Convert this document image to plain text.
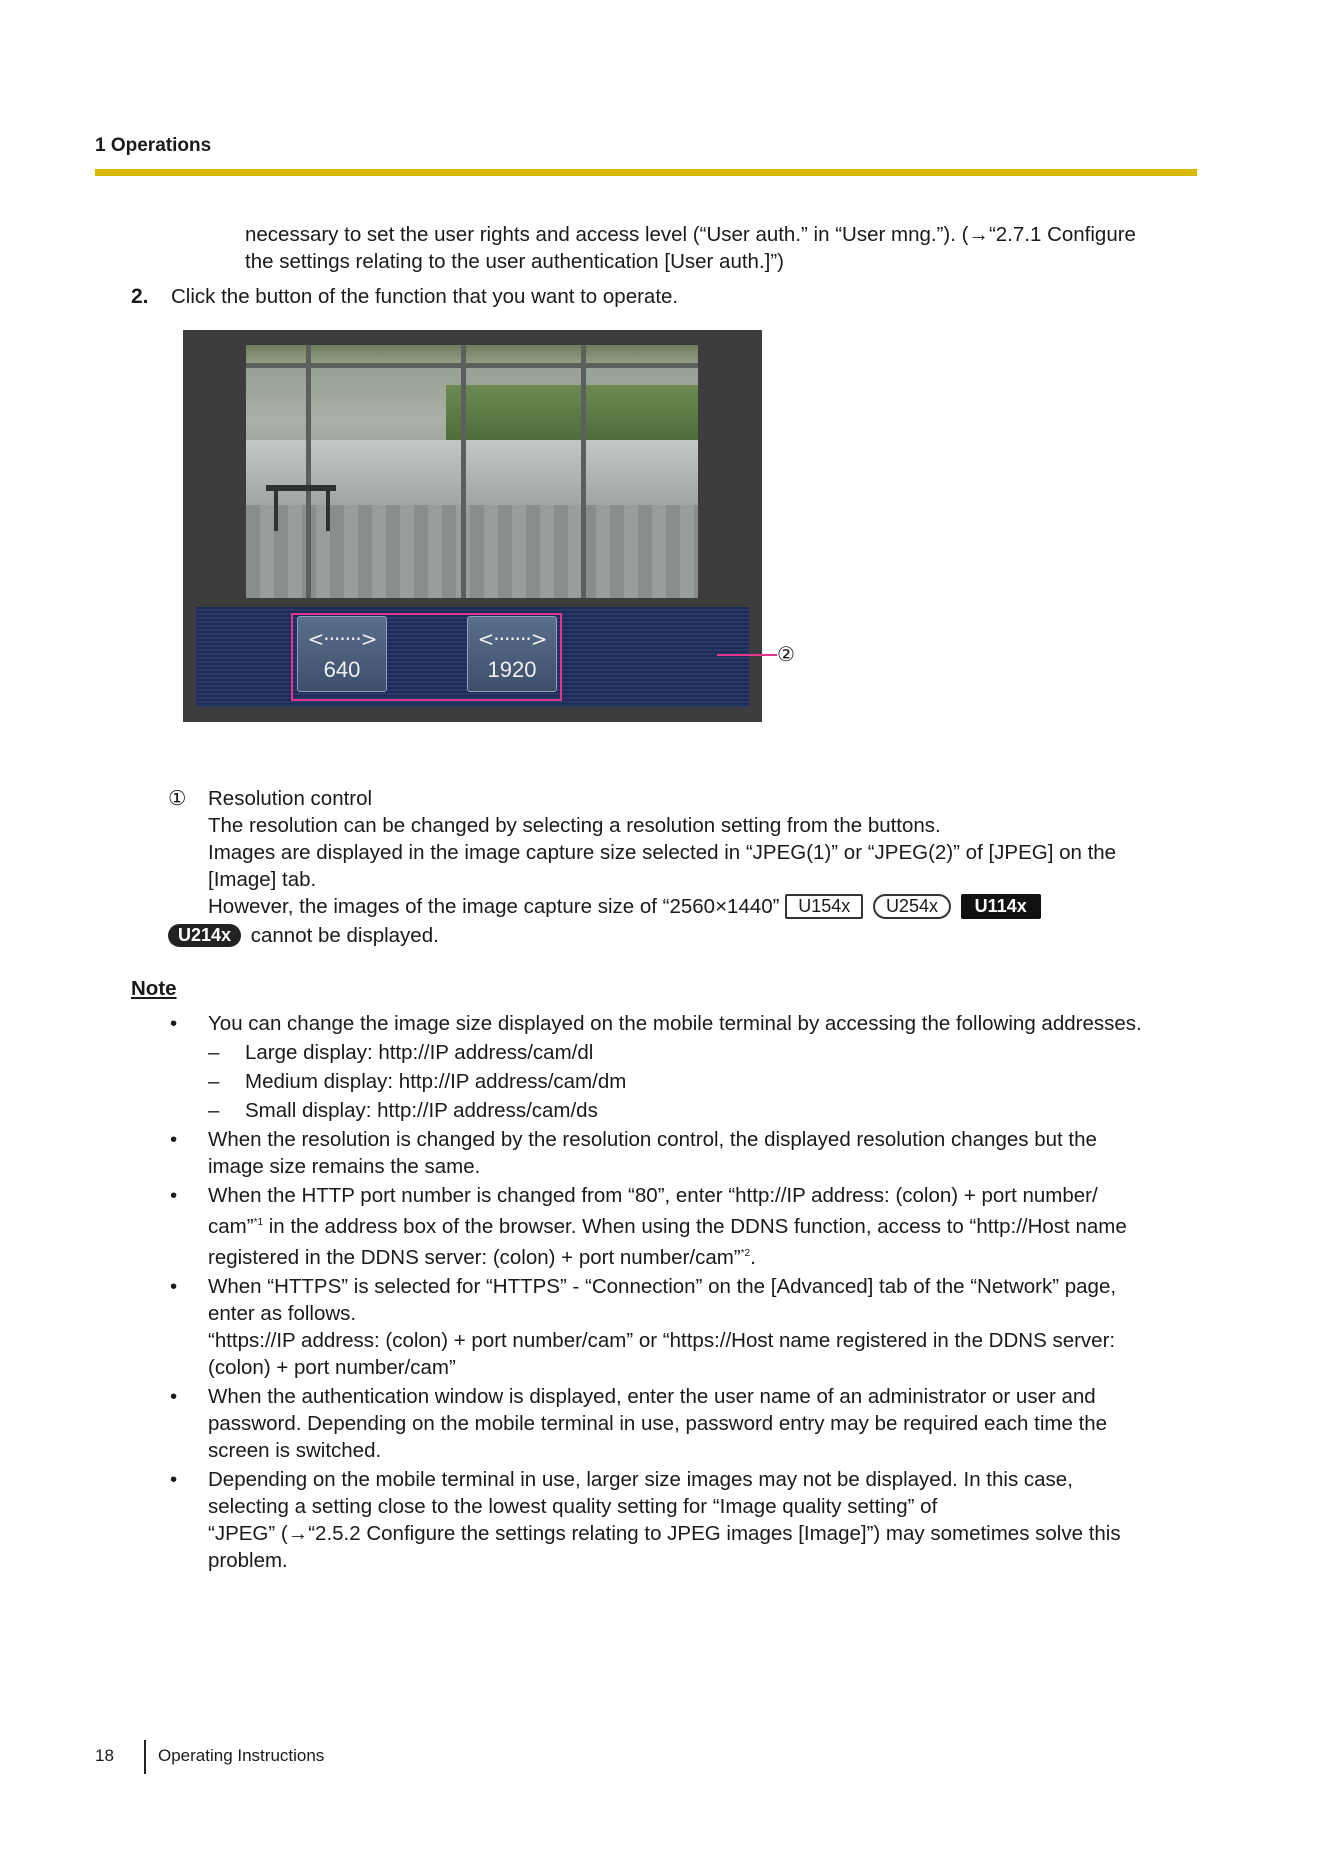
1 Operations
necessary to set the user rights and access level (“User auth.” in “User mng.”). (→“2.7.1 Configure
the settings relating to the user authentication [User auth.]”)
2. Click the button of the function that you want to operate.
<·······>
640
<·······>
1920
②
① Resolution control
The resolution can be changed by selecting a resolution setting from the buttons.
Images are displayed in the image capture size selected in “JPEG(1)” or “JPEG(2)” of [JPEG] on the
[Image] tab.
However, the images of the image capture size of “2560×1440” U154x U254x U114x
U214x cannot be displayed.
Note
• You can change the image size displayed on the mobile terminal by accessing the following addresses.
– Large display: http://IP address/cam/dl
– Medium display: http://IP address/cam/dm
– Small display: http://IP address/cam/ds
• When the resolution is changed by the resolution control, the displayed resolution changes but the
image size remains the same.
• When the HTTP port number is changed from “80”, enter “http://IP address: (colon) + port number/
cam”$^{*1}$ in the address box of the browser. When using the DDNS function, access to “http://Host name
registered in the DDNS server: (colon) + port number/cam”$^{*2}$.
• When “HTTPS” is selected for “HTTPS” - “Connection” on the [Advanced] tab of the “Network” page,
enter as follows.
“https://IP address: (colon) + port number/cam” or “https://Host name registered in the DDNS server:
(colon) + port number/cam”
• When the authentication window is displayed, enter the user name of an administrator or user and
password. Depending on the mobile terminal in use, password entry may be required each time the
screen is switched.
• Depending on the mobile terminal in use, larger size images may not be displayed. In this case,
selecting a setting close to the lowest quality setting for “Image quality setting” of
“JPEG” (→“2.5.2 Configure the settings relating to JPEG images [Image]”) may sometimes solve this
problem.
18	Operating Instructions
